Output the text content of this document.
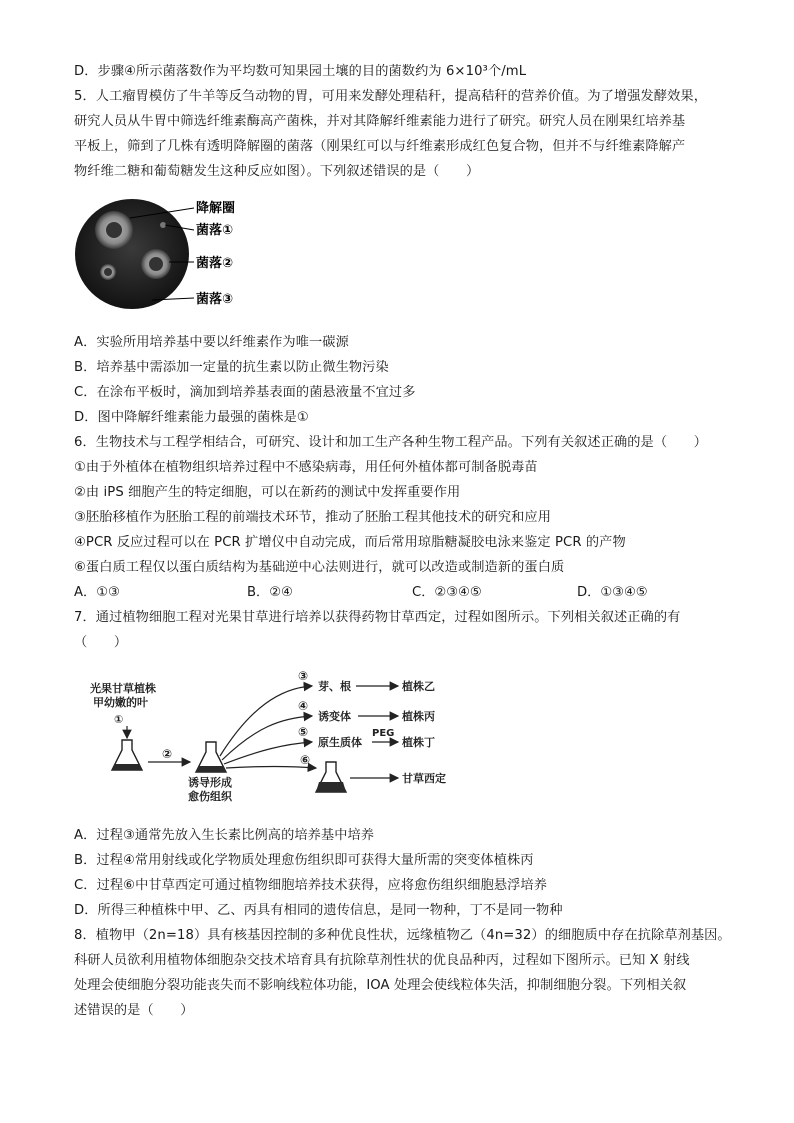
D．步骤④所示菌落数作为平均数可知果园土壤的目的菌数约为 6×10³个/mL
5．人工瘤胃模仿了牛羊等反刍动物的胃，可用来发酵处理秸秆，提高秸秆的营养价值。为了增强发酵效果，
研究人员从牛胃中筛选纤维素酶高产菌株，并对其降解纤维素能力进行了研究。研究人员在刚果红培养基
平板上，筛到了几株有透明降解圈的菌落（刚果红可以与纤维素形成红色复合物，但并不与纤维素降解产
物纤维二糖和葡萄糖发生这种反应如图）。下列叙述错误的是（　　）
降解圈
菌落①
菌落②
菌落③
A．实验所用培养基中要以纤维素作为唯一碳源
B．培养基中需添加一定量的抗生素以防止微生物污染
C．在涂布平板时，滴加到培养基表面的菌悬液量不宜过多
D．图中降解纤维素能力最强的菌株是①
6．生物技术与工程学相结合，可研究、设计和加工生产各种生物工程产品。下列有关叙述正确的是（　　）
①由于外植体在植物组织培养过程中不感染病毒，用任何外植体都可制备脱毒苗
②由 iPS 细胞产生的特定细胞，可以在新药的测试中发挥重要作用
③胚胎移植作为胚胎工程的前端技术环节，推动了胚胎工程其他技术的研究和应用
④PCR 反应过程可以在 PCR 扩增仪中自动完成，而后常用琼脂糖凝胶电泳来鉴定 PCR 的产物
⑥蛋白质工程仅以蛋白质结构为基础逆中心法则进行，就可以改造或制造新的蛋白质
A．①③	B．②④	C．②③④⑤	D．①③④⑤
7．通过植物细胞工程对光果甘草进行培养以获得药物甘草西定，过程如图所示。下列相关叙述正确的有
（　　）
光果甘草植株
甲幼嫩的叶
①
②
诱导形成
愈伤组织
③
④
⑤
⑥
芽、根
诱变体
原生质体
PEG
植株乙
植株丙
植株丁
甘草西定
A．过程③通常先放入生长素比例高的培养基中培养
B．过程④常用射线或化学物质处理愈伤组织即可获得大量所需的突变体植株丙
C．过程⑥中甘草西定可通过植物细胞培养技术获得，应将愈伤组织细胞悬浮培养
D．所得三种植株中甲、乙、丙具有相同的遗传信息，是同一物种，丁不是同一物种
8．植物甲（2n=18）具有核基因控制的多种优良性状，远缘植物乙（4n=32）的细胞质中存在抗除草剂基因。
科研人员欲利用植物体细胞杂交技术培育具有抗除草剂性状的优良品种丙，过程如下图所示。已知 X 射线
处理会使细胞分裂功能丧失而不影响线粒体功能，IOA 处理会使线粒体失活，抑制细胞分裂。下列相关叙
述错误的是（　　）
